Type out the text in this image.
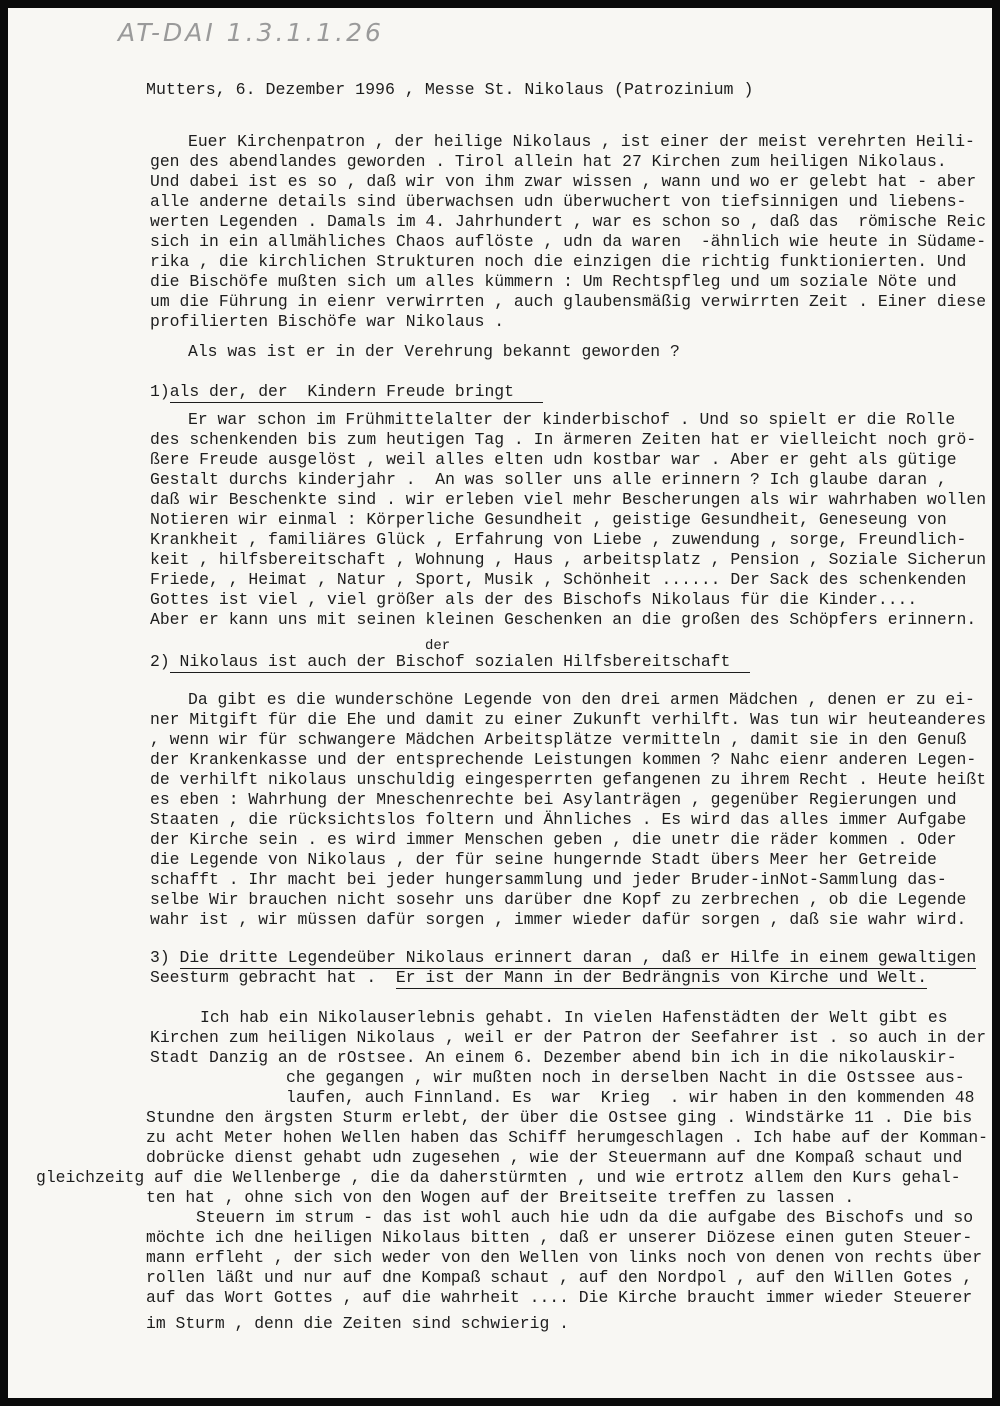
AT-DAI 1.3.1.1.26
Mutters, 6. Dezember 1996 , Messe St. Nikolaus (Patrozinium )
Euer Kirchenpatron , der heilige Nikolaus , ist einer der meist verehrten Heili-
gen des abendlandes geworden . Tirol allein hat 27 Kirchen zum heiligen Nikolaus.
Und dabei ist es so , daß wir von ihm zwar wissen , wann und wo er gelebt hat - aber
alle anderne details sind überwachsen udn überwuchert von tiefsinnigen und liebens-
werten Legenden . Damals im 4. Jahrhundert , war es schon so , daß das  römische Reic
sich in ein allmähliches Chaos auflöste , udn da waren  -ähnlich wie heute in Südame-
rika , die kirchlichen Strukturen noch die einzigen die richtig funktionierten. Und
die Bischöfe mußten sich um alles kümmern : Um Rechtspfleg und um soziale Nöte und
um die Führung in eienr verwirrten , auch glaubensmäßig verwirrten Zeit . Einer diese
profilierten Bischöfe war Nikolaus .
Als was ist er in der Verehrung bekannt geworden ?
1)als der, der  Kindern Freude bringt
Er war schon im Frühmittelalter der kinderbischof . Und so spielt er die Rolle
des schenkenden bis zum heutigen Tag . In ärmeren Zeiten hat er vielleicht noch grö-
ßere Freude ausgelöst , weil alles elten udn kostbar war . Aber er geht als gütige
Gestalt durchs kinderjahr .  An was soller uns alle erinnern ? Ich glaube daran ,
daß wir Beschenkte sind . wir erleben viel mehr Bescherungen als wir wahrhaben wollen
Notieren wir einmal : Körperliche Gesundheit , geistige Gesundheit, Geneseung von
Krankheit , familiäres Glück , Erfahrung von Liebe , zuwendung , sorge, Freundlich-
keit , hilfsbereitschaft , Wohnung , Haus , arbeitsplatz , Pension , Soziale Sicherun
Friede, , Heimat , Natur , Sport, Musik , Schönheit ...... Der Sack des schenkenden
Gottes ist viel , viel größer als der des Bischofs Nikolaus für die Kinder....
Aber er kann uns mit seinen kleinen Geschenken an die großen des Schöpfers erinnern.
der
2) Nikolaus ist auch der Bischof sozialen Hilfsbereitschaft
Da gibt es die wunderschöne Legende von den drei armen Mädchen , denen er zu ei-
ner Mitgift für die Ehe und damit zu einer Zukunft verhilft. Was tun wir heuteanderes
, wenn wir für schwangere Mädchen Arbeitsplätze vermitteln , damit sie in den Genuß
der Krankenkasse und der entsprechende Leistungen kommen ? Nahc eienr anderen Legen-
de verhilft nikolaus unschuldig eingesperrten gefangenen zu ihrem Recht . Heute heißt
es eben : Wahrhung der Mneschenrechte bei Asylanträgen , gegenüber Regierungen und
Staaten , die rücksichtslos foltern und Ähnliches . Es wird das alles immer Aufgabe
der Kirche sein . es wird immer Menschen geben , die unetr die räder kommen . Oder
die Legende von Nikolaus , der für seine hungernde Stadt übers Meer her Getreide
schafft . Ihr macht bei jeder hungersammlung und jeder Bruder-inNot-Sammlung das-
selbe Wir brauchen nicht sosehr uns darüber dne Kopf zu zerbrechen , ob die Legende
wahr ist , wir müssen dafür sorgen , immer wieder dafür sorgen , daß sie wahr wird.
3) Die dritte Legendeüber Nikolaus erinnert daran , daß er Hilfe in einem gewaltigen
Seesturm gebracht hat .  Er ist der Mann in der Bedrängnis von Kirche und Welt.
Ich hab ein Nikolauserlebnis gehabt. In vielen Hafenstädten der Welt gibt es
Kirchen zum heiligen Nikolaus , weil er der Patron der Seefahrer ist . so auch in der
Stadt Danzig an de rOstsee. An einem 6. Dezember abend bin ich in die nikolauskir-
che gegangen , wir mußten noch in derselben Nacht in die Ostssee aus-
laufen, auch Finnland. Es  war  Krieg  . wir haben in den kommenden 48
Stundne den ärgsten Sturm erlebt, der über die Ostsee ging . Windstärke 11 . Die bis
zu acht Meter hohen Wellen haben das Schiff herumgeschlagen . Ich habe auf der Komman-
dobrücke dienst gehabt udn zugesehen , wie der Steuermann auf dne Kompaß schaut und
gleichzeitg auf die Wellenberge , die da daherstürmten , und wie ertrotz allem den Kurs gehal-
ten hat , ohne sich von den Wogen auf der Breitseite treffen zu lassen .
Steuern im strum - das ist wohl auch hie udn da die aufgabe des Bischofs und so
möchte ich dne heiligen Nikolaus bitten , daß er unserer Diözese einen guten Steuer-
mann erfleht , der sich weder von den Wellen von links noch von denen von rechts über
rollen läßt und nur auf dne Kompaß schaut , auf den Nordpol , auf den Willen Gotes ,
auf das Wort Gottes , auf die wahrheit .... Die Kirche braucht immer wieder Steuerer
im Sturm , denn die Zeiten sind schwierig .
